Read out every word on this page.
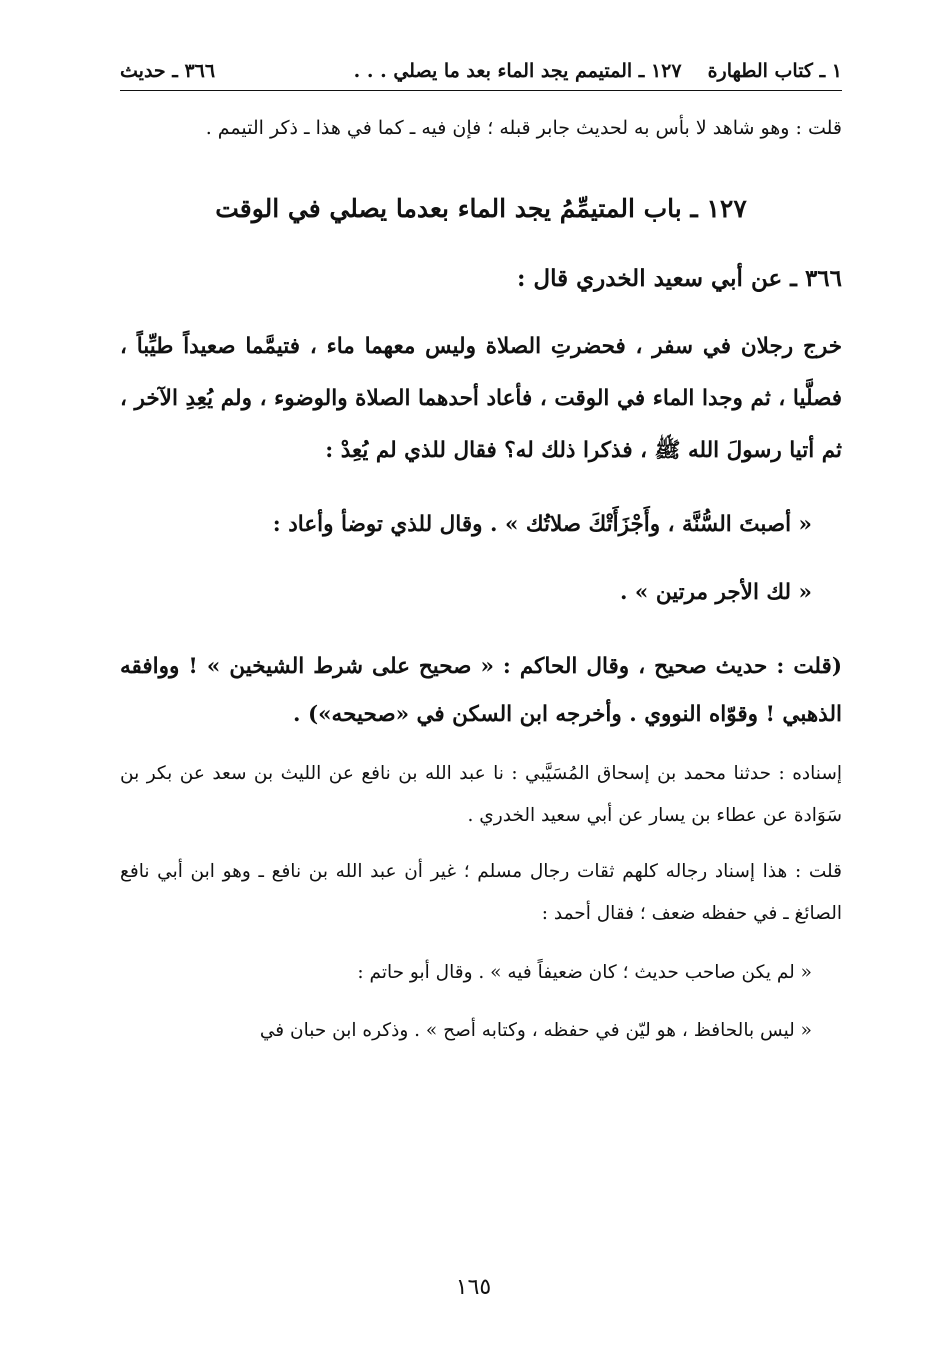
١ ـ كتاب الطهارة
١٢٧ ـ المتيمم يجد الماء بعد ما يصلي . . .
٣٦٦ ـ حديث

قلت : وهو شاهد لا بأس به لحديث جابر قبله ؛ فإن فيه ـ كما في هذا ـ ذكر التيمم .

١٢٧ ـ باب المتيمِّمُ يجد الماء بعدما يصلي في الوقت

٣٦٦ ـ عن أبي سعيد الخدري قال :

خرج رجلان في سفر ، فحضرتِ الصلاة وليس معهما ماء ، فتيمَّما صعيداً طيِّباً ، فصلَّيا ، ثم وجدا الماء في الوقت ، فأعاد أحدهما الصلاة والوضوء ، ولم يُعِدِ الآخر ، ثم أتيا رسولَ الله ﷺ ، فذكرا ذلك له؟ فقال للذي لم يُعِدْ :

« أصبتَ السُّنَّة ، وأَجْزَأَتْكَ صلاتُك » . وقال للذي توضأ وأعاد :

« لك الأجر مرتين » .

(قلت : حديث صحيح ، وقال الحاكم : « صحيح على شرط الشيخين » ! ووافقه الذهبي ! وقوّاه النووي . وأخرجه ابن السكن في «صحيحه») .

إسناده : حدثنا محمد بن إسحاق المُسَيَّبي : نا عبد الله بن نافع عن الليث بن سعد عن بكر بن سَوَادة عن عطاء بن يسار عن أبي سعيد الخدري .

قلت : هذا إسناد رجاله كلهم ثقات رجال مسلم ؛ غير أن عبد الله بن نافع ـ وهو ابن أبي نافع الصائغ ـ في حفظه ضعف ؛ فقال أحمد :

« لم يكن صاحب حديث ؛ كان ضعيفاً فيه » . وقال أبو حاتم :

« ليس بالحافظ ، هو ليّن في حفظه ، وكتابه أصح » . وذكره ابن حبان في

١٦٥
